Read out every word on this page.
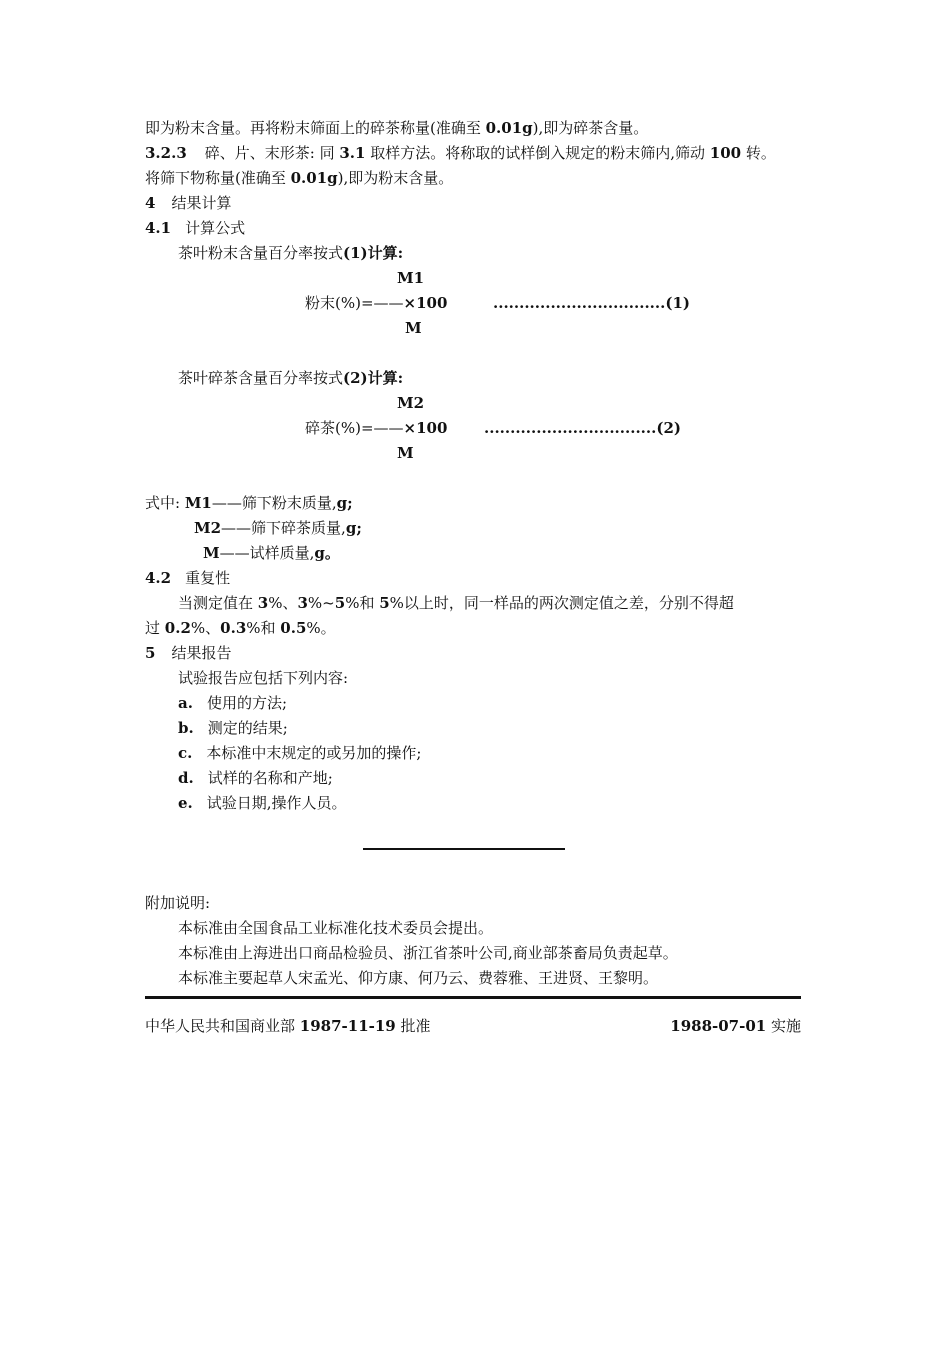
即为粉末含量。再将粉末筛面上的碎茶称量(准确至 0.01g),即为碎茶含量。
3.2.3 碎、片、末形茶: 同 3.1 取样方法。将称取的试样倒入规定的粉末筛内,筛动 100 转。
将筛下物称量(准确至 0.01g),即为粉末含量。
4 结果计算
4.1 计算公式
茶叶粉末含量百分率按式(1)计算:
M1
粉末(%)=——×100	.................................(1)
M
茶叶碎茶含量百分率按式(2)计算:
M2
碎茶(%)=——×100 .................................(2)
M
式中: M1——筛下粉末质量,g;
M2——筛下碎茶质量,g;
M——试样质量,g。
4.2 重复性
当测定值在 3%、3%~5%和 5%以上时，同一样品的两次测定值之差，分别不得超
过 0.2%、0.3%和 0.5%。
5 结果报告
试验报告应包括下列内容:
a. 使用的方法;
b. 测定的结果;
c. 本标准中末规定的或另加的操作;
d. 试样的名称和产地;
e. 试验日期,操作人员。
附加说明:
本标准由全国食品工业标准化技术委员会提出。
本标准由上海进出口商品检验员、浙江省茶叶公司,商业部茶畜局负责起草。
本标准主要起草人宋孟光、仰方康、何乃云、费蓉雅、王进贤、王黎明。
中华人民共和国商业部 1987-11-19 批准	1988-07-01 实施
